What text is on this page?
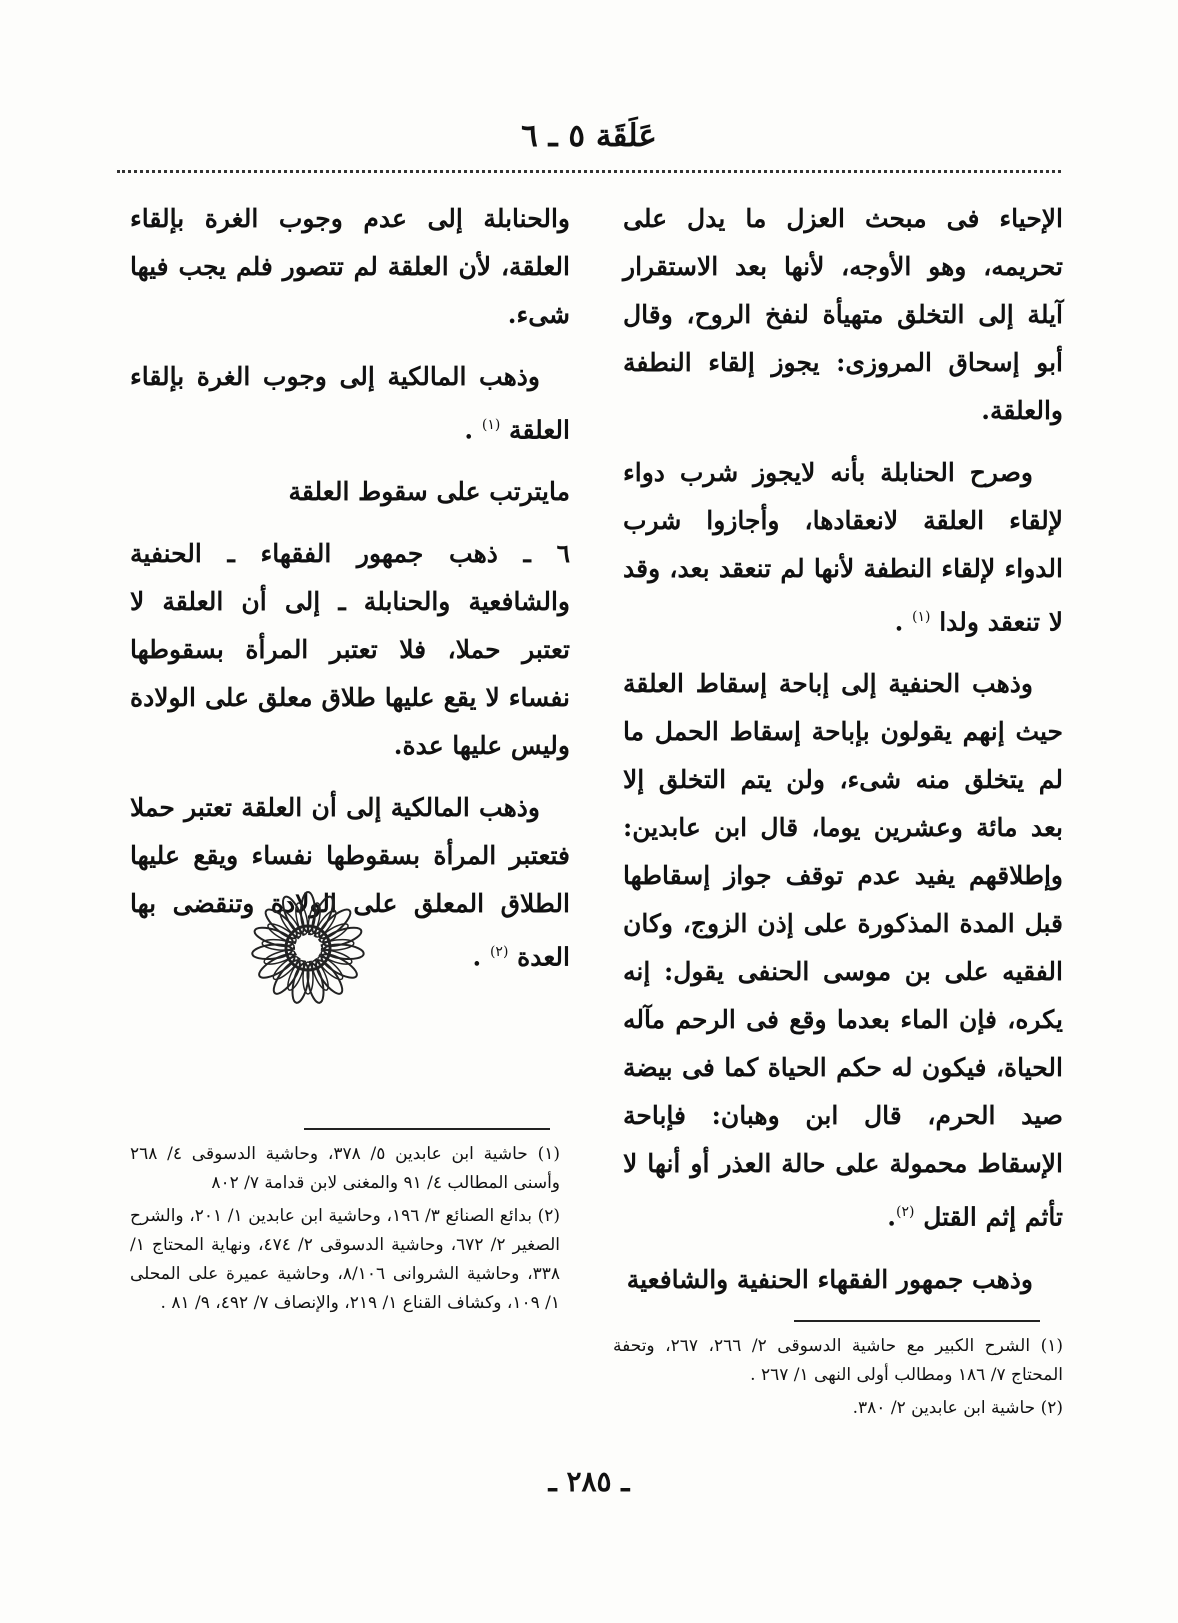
عَلَقَة ٥ ـ ٦

الإحياء فى مبحث العزل ما يدل على تحريمه، وهو الأوجه، لأنها بعد الاستقرار آيلة إلى التخلق متهيأة لنفخ الروح، وقال أبو إسحاق المروزى: يجوز إلقاء النطفة والعلقة.

وصرح الحنابلة بأنه لايجوز شرب دواء لإلقاء العلقة لانعقادها، وأجازوا شرب الدواء لإلقاء النطفة لأنها لم تنعقد بعد، وقد لا تنعقد ولدا $^{(١)}$ .

وذهب الحنفية إلى إباحة إسقاط العلقة حيث إنهم يقولون بإباحة إسقاط الحمل ما لم يتخلق منه شىء، ولن يتم التخلق إلا بعد مائة وعشرين يوما، قال ابن عابدين: وإطلاقهم يفيد عدم توقف جواز إسقاطها قبل المدة المذكورة على إذن الزوج، وكان الفقيه على بن موسى الحنفى يقول: إنه يكره، فإن الماء بعدما وقع فى الرحم مآله الحياة، فيكون له حكم الحياة كما فى بيضة صيد الحرم، قال ابن وهبان: فإباحة الإسقاط محمولة على حالة العذر أو أنها لا تأثم إثم القتل $^{(٢)}$.

وذهب جمهور الفقهاء الحنفية والشافعية

والحنابلة إلى عدم وجوب الغرة بإلقاء العلقة، لأن العلقة لم تتصور فلم يجب فيها شىء.

وذهب المالكية إلى وجوب الغرة بإلقاء العلقة $^{(١)}$ .

مايترتب على سقوط العلقة

٦ ـ ذهب جمهور الفقهاء ـ الحنفية والشافعية والحنابلة ـ إلى أن العلقة لا تعتبر حملا، فلا تعتبر المرأة بسقوطها نفساء لا يقع عليها طلاق معلق على الولادة وليس عليها عدة.

وذهب المالكية إلى أن العلقة تعتبر حملا فتعتبر المرأة بسقوطها نفساء ويقع عليها الطلاق المعلق على الولادة وتنقضى بها العدة $^{(٢)}$ .

(١) حاشية ابن عابدين ٥/ ٣٧٨، وحاشية الدسوقى ٤/ ٢٦٨ وأسنى المطالب ٤/ ٩١ والمغنى لابن قدامة ٧/ ٨٠٢

(٢) بدائع الصنائع ٣/ ١٩٦، وحاشية ابن عابدين ١/ ٢٠١، والشرح الصغير ٢/ ٦٧٢، وحاشية الدسوقى ٢/ ٤٧٤، ونهاية المحتاج ١/ ٣٣٨، وحاشية الشروانى ٨/١٠٦، وحاشية عميرة على المحلى ١/ ١٠٩، وكشاف القناع ١/ ٢١٩، والإنصاف ٧/ ٤٩٢، ٩/ ٨١ .

(١) الشرح الكبير مع حاشية الدسوقى ٢/ ٢٦٦، ٢٦٧، وتحفة المحتاج ٧/ ١٨٦ ومطالب أولى النهى ١/ ٢٦٧ .

(٢) حاشية ابن عابدين ٢/ ٣٨٠.

ـ ٢٨٥ ـ
